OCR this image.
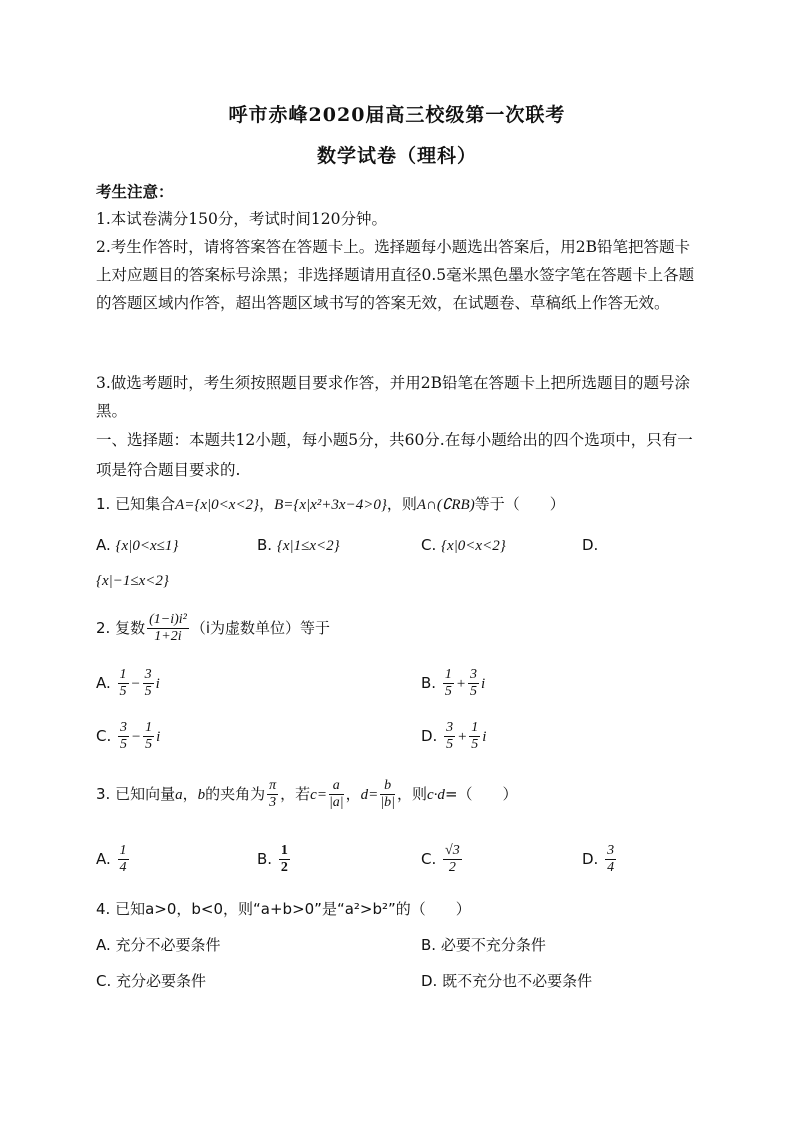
呼市赤峰2020届高三校级第一次联考
数学试卷（理科）
考生注意：
1.本试卷满分150分，考试时间120分钟。
2.考生作答时，请将答案答在答题卡上。选择题每小题选出答案后，用2B铅笔把答题卡上对应题目的答案标号涂黑；非选择题请用直径0.5毫米黑色墨水签字笔在答题卡上各题的答题区域内作答，超出答题区域书写的答案无效，在试题卷、草稿纸上作答无效。
3.做选考题时，考生须按照题目要求作答，并用2B铅笔在答题卡上把所选题目的题号涂黑。
一、选择题：本题共12小题，每小题5分，共60分.在每小题给出的四个选项中，只有一项是符合题目要求的.
1. 已知集合A={x|0<x<2}，B={x|x²+3x−4>0}，则A∩(∁RB)等于（　　）
A. {x|0<x≤1}	B. {x|1≤x<2}	C. {x|0<x<2}	D.
{x|−1≤x<2}
2. 复数 $\frac{\text{(1−i)i²}}{1+2i} (i$为虚数单位）等于
A. $\frac{1}{5} - \frac{3}{5}$ i	B. $\frac{1}{5} + \frac{3}{5}$ i
C. $\frac{3}{5} - \frac{1}{5}$ i	D. $\frac{3}{5} + \frac{1}{5}$ i
3. 已知向量a，b的夹角为 $\frac{\pi}{3}$ ，若$c= \frac{a}{|a|}$ ，$d= \frac{b}{|b|}$ ，则c·d=（　　）
A. $\frac{1}{4}$	B. $\frac{1}{2}$	C. $\frac{√3}{2}$	D. $\frac{3}{4}$
4. 已知a>0，b<0，则“a+b>0”是“a²>b²”的（　　）
A. 充分不必要条件	B. 必要不充分条件
C. 充分必要条件	D. 既不充分也不必要条件
